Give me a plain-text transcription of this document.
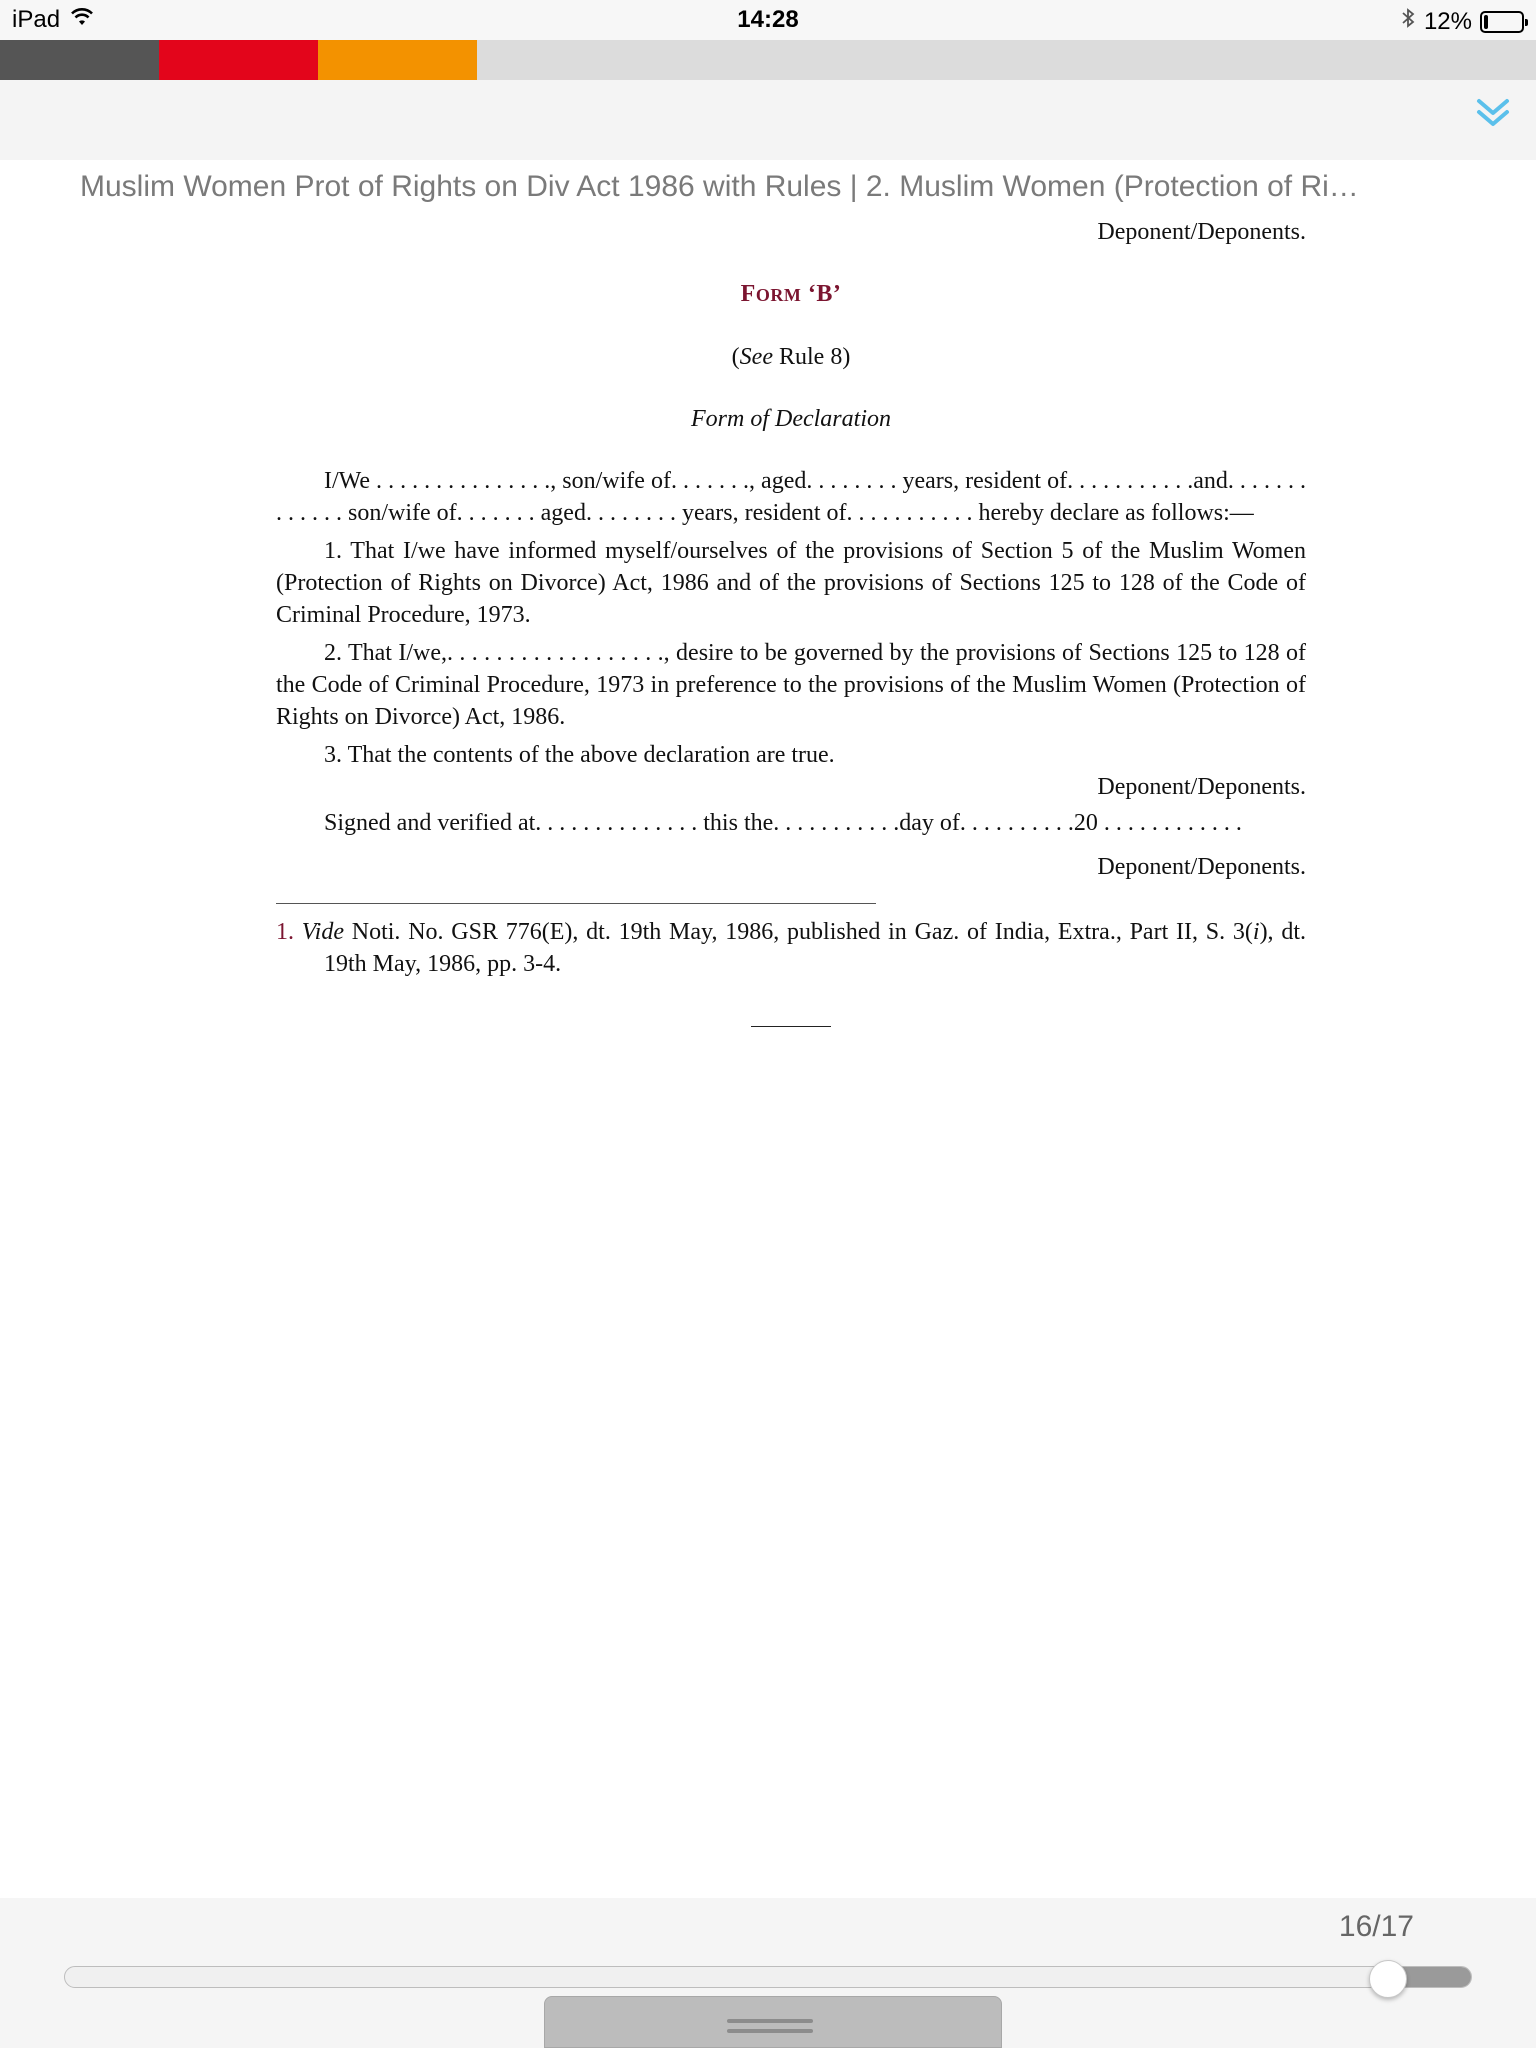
iPad	14:28	12%
Muslim Women Prot of Rights on Div Act 1986 with Rules | 2. Muslim Women (Protection of Ri…

Deponent/Deponents.

FORM ‘B’

(See Rule 8)

Form of Declaration

I/We . . . . . . . . . . . . . . ., son/wife of. . . . . . ., aged. . . . . . . . years, resident of. . . . . . . . . . .and. . . . . . . . . . . . . son/wife of. . . . . . . aged. . . . . . . . years, resident of. . . . . . . . . . . hereby declare as follows:—

1. That I/we have informed myself/ourselves of the provisions of Section 5 of the Muslim Women (Protection of Rights on Divorce) Act, 1986 and of the provisions of Sections 125 to 128 of the Code of Criminal Procedure, 1973.

2. That I/we,. . . . . . . . . . . . . . . . . ., desire to be governed by the provisions of Sections 125 to 128 of the Code of Criminal Procedure, 1973 in preference to the provisions of the Muslim Women (Protection of Rights on Divorce) Act, 1986.

3. That the contents of the above declaration are true.

Deponent/Deponents.

Signed and verified at. . . . . . . . . . . . . . this the. . . . . . . . . . .day of. . . . . . . . . .20 . . . . . . . . . . . .

Deponent/Deponents.

1. Vide Noti. No. GSR 776(E), dt. 19th May, 1986, published in Gaz. of India, Extra., Part II, S. 3(i), dt. 19th May, 1986, pp. 3-4.

16/17
